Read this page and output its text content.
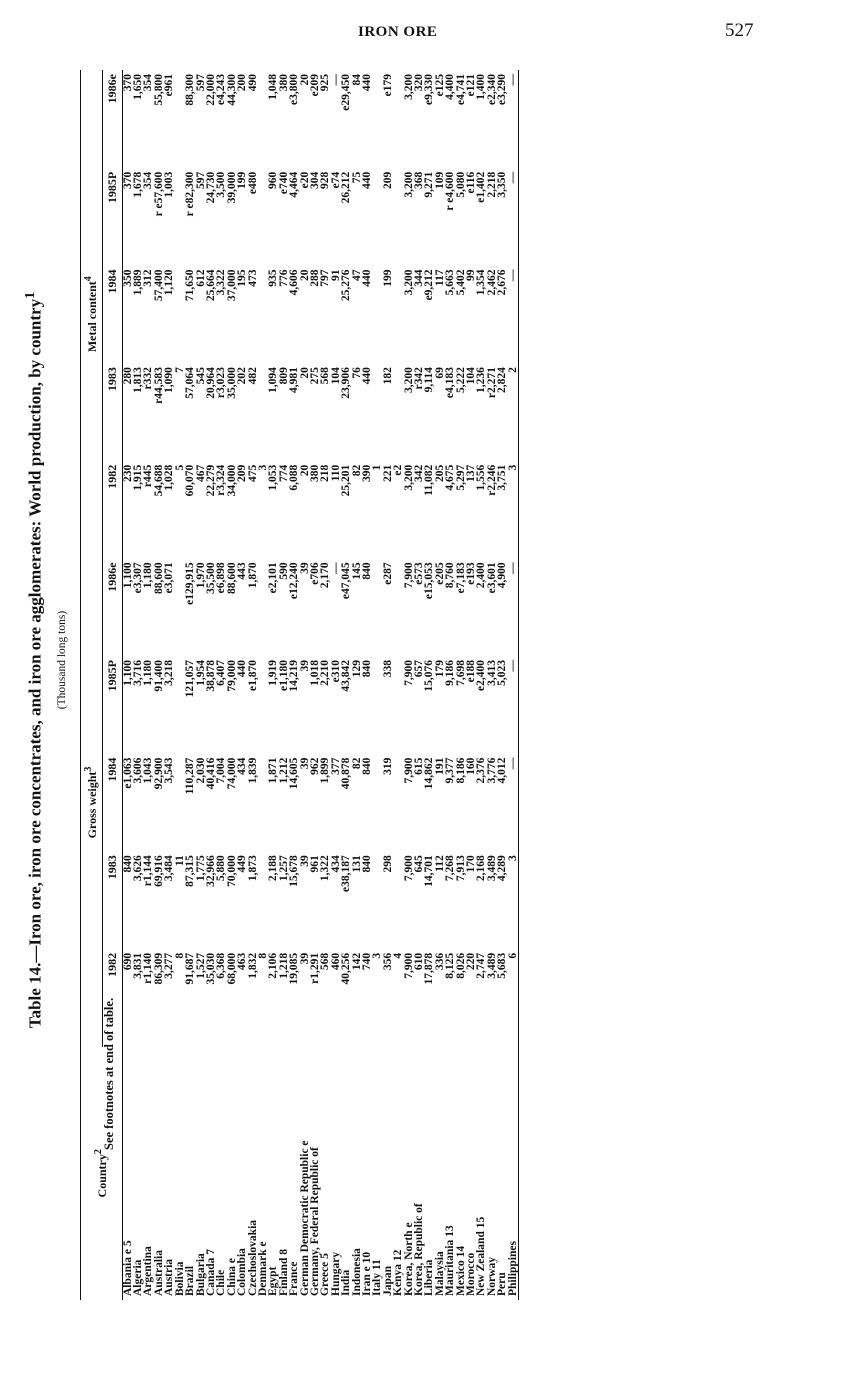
IRON ORE	527
Table 14.—Iron ore, iron ore concentrates, and iron ore agglomerates: World production, by country$^1$
(Thousand long tons)
Country$^2$	Gross weight$^3$					Metal content$^4$
	1982	1983	1984	1985P	1986e	1982	1983	1984	1985P	1986e
Albania e 5	690	840	e1,063	1,100	1,100	230	280	350	370	370
Algeria	3,831	3,626	3,606	3,716	e3,307	1,915	1,813	1,889	1,678	1,650
Argentina	r1,140	r1,144	1,043	1,180	1,180	r445	r332	312	354	354
Australia	86,309	69,916	92,900	91,400	88,600	54,688	r44,583	57,400	r e57,600	55,800
Austria	3,277	3,484	3,543	3,218	e3,071	1,028	1,090	1,120	1,003	e961
Bolivia	8	11				5	7			
Brazil	91,687	87,315	110,287	121,057	e129,915	60,070	57,064	71,650	r e82,300	88,300
Bulgaria	1,527	1,775	2,030	1,954	1,970	467	545	612	597	597
Canada 7	35,030	32,966	40,416	38,878	35,500	22,279	20,964	25,664	24,730	22,000
Chile	6,368	5,880	7,004	6,407	e6,898	r3,324	r3,023	3,322	3,500	e4,243
China e	68,000	70,000	74,000	79,000	88,600	34,000	35,000	37,000	39,000	44,300
Colombia	463	449	434	440	443	209	202	195	199	200
Czechoslovakia	1,832	1,873	1,839	e1,870	1,870	475	482	473	e480	490
Denmark e	8					3				
Egypt	2,106	2,188	1,871	1,919	e2,101	1,053	1,094	935	960	1,048
Finland 8	1,218	1,257	1,212	e1,180	590	774	809	776	e740	380
France	19,085	15,678	14,605	14,219	e12,240	6,088	4,981	4,606	4,464	e3,800
German Democratic Republic e	39	39	39	39	39	20	20	20	e20	20
Germany, Federal Republic of	r1,291	961	962	1,018	e706	380	275	288	304	e209
Greece 5	568	1,322	1,899	2,210	2,170	218	568	797	928	925
Hungary	460	434	377	e310	—	110	104	91	e74	—
India	40,256	e38,187	40,878	43,842	e47,045	25,201	23,906	25,276	26,212	e29,450
Indonesia	142	131	82	129	145	82	76	47	75	84
Iran e 10	740	840	840	840	840	390	440	440	440	440
Italy 11	3					1				
Japan	356	298	319	338	e287	221	182	199	209	e179
Kenya 12	4					e2				
Korea, North e	7,900	7,900	7,900	7,900	7,900	3,200	3,200	3,200	3,200	3,200
Korea, Republic of	610	645	615	657	e573	342	r342	344	368	320
Liberia	17,878	14,701	14,862	15,076	e15,053	11,082	9,114	e9,212	9,271	e9,330
Malaysia	336	112	191	179	e205	205	69	117	109	e125
Mauritania 13	8,125	7,268	9,377	9,186	8,760	4,675	e4,183	5,663	r e4,600	4,400
Mexico 14	8,026	7,913	8,186	7,698	e7,183	5,297	5,222	5,402	5,080	e4,741
Morocco	220	170	160	e188	e193	137	104	99	e116	e121
New Zealand 15	2,747	2,168	2,376	e2,400	2,400	1,556	1,236	1,354	e1,402	1,400
Norway	3,489	3,489	3,776	3,413	e3,601	r2,246	r2,271	2,462	2,218	e2,340
Peru	5,683	4,289	4,012	5,023	4,900	3,751	2,824	2,676	3,350	e3,290
Philippines	6	3	—	—	—	3	2	—	—	—

See footnotes at end of table.
